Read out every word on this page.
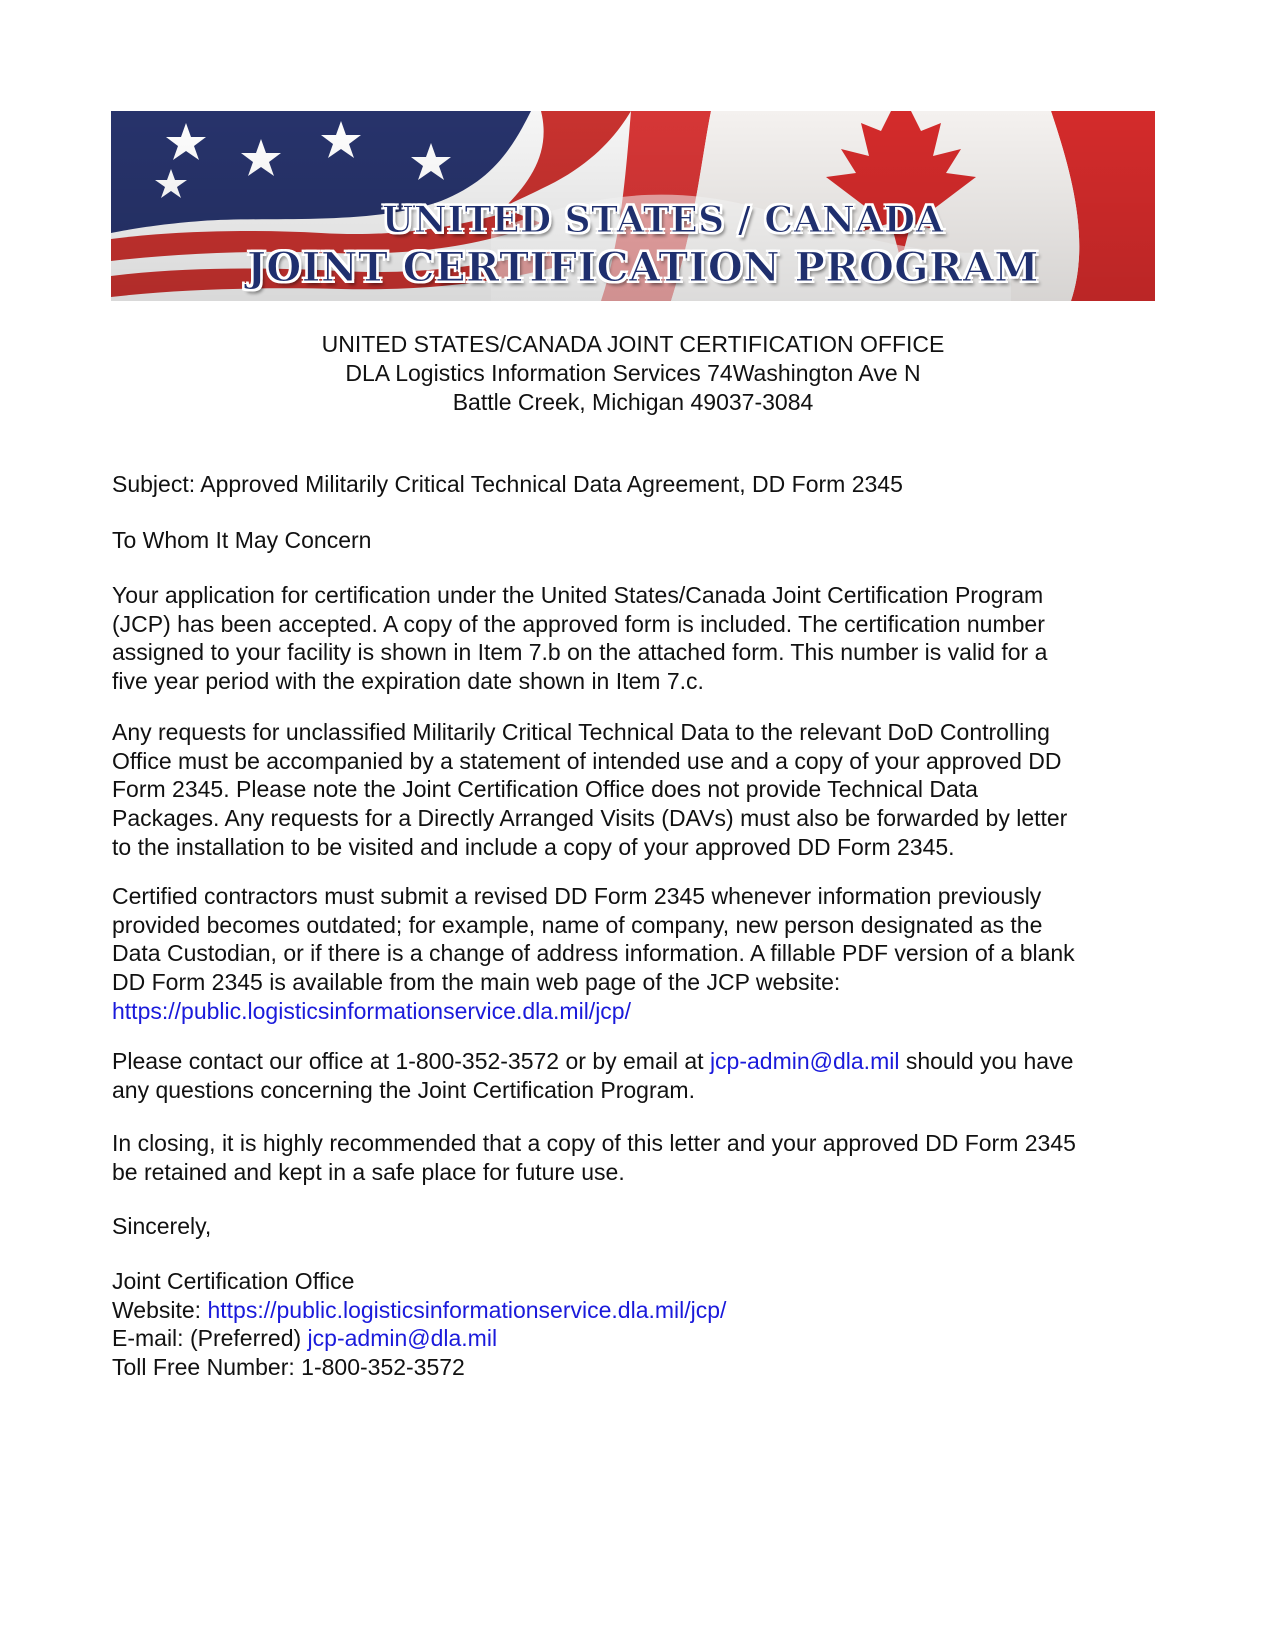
UNITED STATES / CANADA
JOINT CERTIFICATION PROGRAM
UNITED STATES/CANADA JOINT CERTIFICATION OFFICE
DLA Logistics Information Services 74Washington Ave N
Battle Creek, Michigan 49037-3084
Subject: Approved Militarily Critical Technical Data Agreement, DD Form 2345
To Whom It May Concern
Your application for certification under the United States/Canada Joint Certification Program
(JCP) has been accepted. A copy of the approved form is included. The certification number
assigned to your facility is shown in Item 7.b on the attached form. This number is valid for a
five year period with the expiration date shown in Item 7.c.
Any requests for unclassified Militarily Critical Technical Data to the relevant DoD Controlling
Office must be accompanied by a statement of intended use and a copy of your approved DD
Form 2345. Please note the Joint Certification Office does not provide Technical Data
Packages. Any requests for a Directly Arranged Visits (DAVs) must also be forwarded by letter
to the installation to be visited and include a copy of your approved DD Form 2345.
Certified contractors must submit a revised DD Form 2345 whenever information previously
provided becomes outdated; for example, name of company, new person designated as the
Data Custodian, or if there is a change of address information. A fillable PDF version of a blank
DD Form 2345 is available from the main web page of the JCP website:
https://public.logisticsinformationservice.dla.mil/jcp/
Please contact our office at 1-800-352-3572 or by email at jcp-admin@dla.mil should you have
any questions concerning the Joint Certification Program.
In closing, it is highly recommended that a copy of this letter and your approved DD Form 2345
be retained and kept in a safe place for future use.
Sincerely,
Joint Certification Office
Website: https://public.logisticsinformationservice.dla.mil/jcp/
E-mail: (Preferred) jcp-admin@dla.mil
Toll Free Number: 1-800-352-3572
